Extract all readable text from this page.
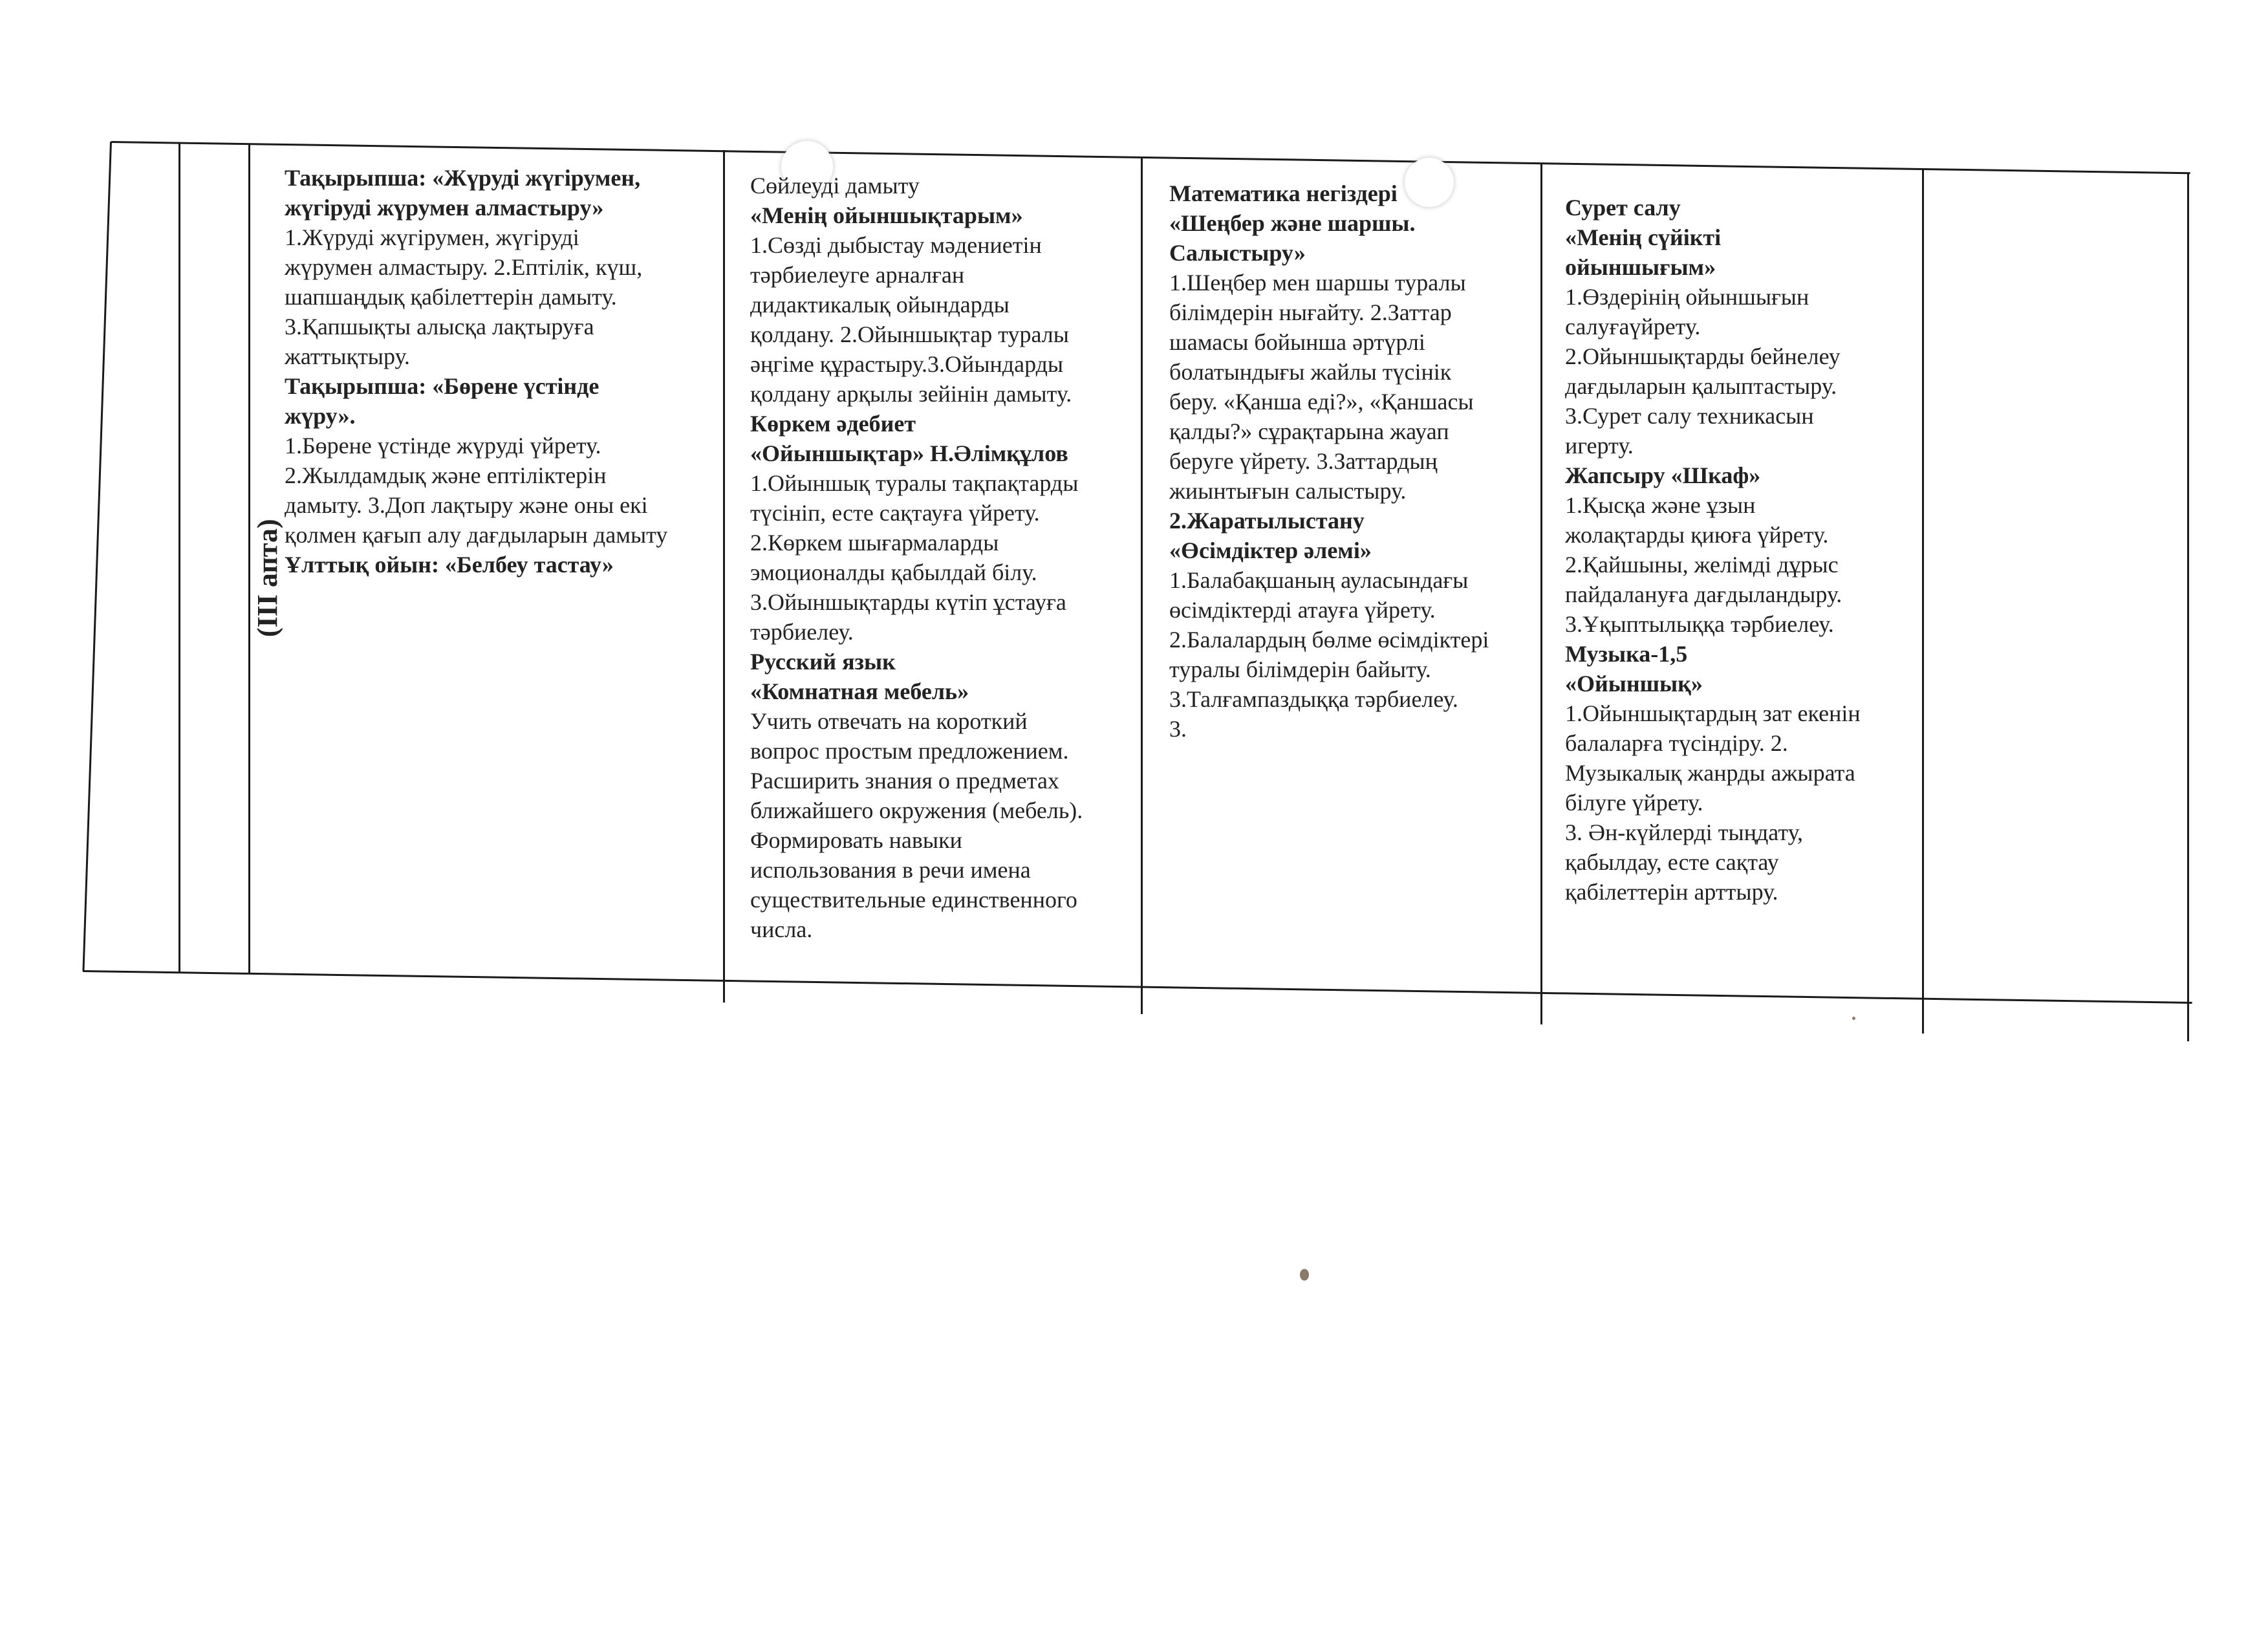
(III апта)

Тақырыпша: «Жүруді жүгірумен,

жүгіруді жүрумен алмастыру»

1.Жүруді жүгірумен, жүгіруді

жүрумен алмастыру. 2.Ептілік, күш,

шапшаңдық қабілеттерін дамыту.

3.Қапшықты алысқа лақтыруға

жаттықтыру.

Тақырыпша: «Бөрене үстінде

жүру».

1.Бөрене үстінде жүруді үйрету.

2.Жылдамдық және ептіліктерін

дамыту. 3.Доп лақтыру және оны екі

қолмен қағып алу дағдыларын дамыту

Ұлттық ойын: «Белбеу тастау»

Сөйлеуді дамыту

«Менің ойыншықтарым»

1.Сөзді дыбыстау мәдениетін

тәрбиелеуге арналған

дидактикалық ойындарды

қолдану. 2.Ойыншықтар туралы

әңгіме құрастыру.3.Ойындарды

қолдану арқылы зейінін дамыту.

Көркем әдебиет

«Ойыншықтар» Н.Әлімқұлов

1.Ойыншық туралы тақпақтарды

түсініп, есте сақтауға үйрету.

2.Көркем шығармаларды

эмоционалды қабылдай білу.

3.Ойыншықтарды күтіп ұстауға

тәрбиелеу.

Русский язык

«Комнатная мебель»

Учить отвечать на короткий

вопрос простым предложением.

Расширить знания о предметах

ближайшего окружения (мебель).

Формировать навыки

использования в речи имена

существительные единственного

числа.

Математика негіздері

«Шеңбер және шаршы.

Салыстыру»

1.Шеңбер мен шаршы туралы

білімдерін нығайту. 2.Заттар

шамасы бойынша әртүрлі

болатындығы жайлы түсінік

беру. «Қанша еді?», «Қаншасы

қалды?» сұрақтарына жауап

беруге үйрету. 3.Заттардың

жиынтығын салыстыру.

2.Жаратылыстану

«Өсімдіктер әлемі»

1.Балабақшаның ауласындағы

өсімдіктерді атауға үйрету.

2.Балалардың бөлме өсімдіктері

туралы білімдерін байыту.

3.Талғампаздыққа тәрбиелеу.

3.

Сурет салу

«Менің сүйікті

ойыншығым»

1.Өздерінің ойыншығын

салуғаүйрету.

2.Ойыншықтарды бейнелеу

дағдыларын қалыптастыру.

3.Сурет салу техникасын

игерту.

Жапсыру «Шкаф»

1.Қысқа және ұзын

жолақтарды қиюға үйрету.

2.Қайшыны, желімді дұрыс

пайдалануға дағдыландыру.

3.Ұқыптылыққа тәрбиелеу.

Музыка-1,5

«Ойыншық»

1.Ойыншықтардың зат екенін

балаларға түсіндіру. 2.

Музыкалық жанрды ажырата

білуге үйрету.

3. Ән-күйлерді тыңдату,

қабылдау, есте сақтау

қабілеттерін арттыру.
